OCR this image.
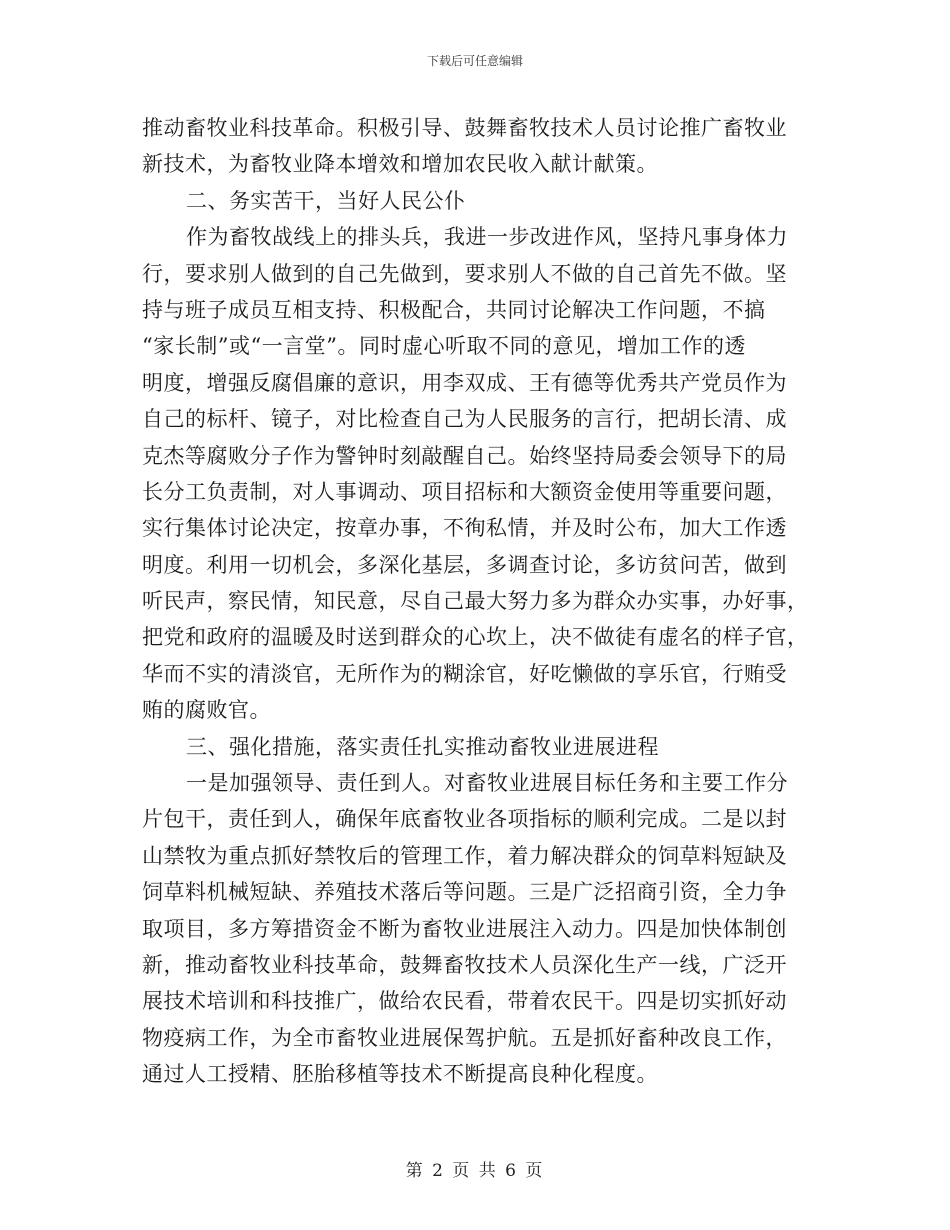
下载后可任意编辑
推动畜牧业科技革命。积极引导、鼓舞畜牧技术人员讨论推广畜牧业
新技术，为畜牧业降本增效和增加农民收入献计献策。
二、务实苦干，当好人民公仆
作为畜牧战线上的排头兵，我进一步改进作风，坚持凡事身体力
行，要求别人做到的自己先做到，要求别人不做的自己首先不做。坚
持与班子成员互相支持、积极配合，共同讨论解决工作问题，不搞
“家长制”或“一言堂”。同时虚心听取不同的意见，增加工作的透
明度，增强反腐倡廉的意识，用李双成、王有德等优秀共产党员作为
自己的标杆、镜子，对比检查自己为人民服务的言行，把胡长清、成
克杰等腐败分子作为警钟时刻敲醒自己。始终坚持局委会领导下的局
长分工负责制，对人事调动、项目招标和大额资金使用等重要问题，
实行集体讨论决定，按章办事，不徇私情，并及时公布，加大工作透
明度。利用一切机会，多深化基层，多调查讨论，多访贫问苦，做到
听民声，察民情，知民意，尽自己最大努力多为群众办实事，办好事，
把党和政府的温暖及时送到群众的心坎上，决不做徒有虚名的样子官，
华而不实的清淡官，无所作为的糊涂官，好吃懒做的享乐官，行贿受
贿的腐败官。
三、强化措施，落实责任扎实推动畜牧业进展进程
一是加强领导、责任到人。对畜牧业进展目标任务和主要工作分
片包干，责任到人，确保年底畜牧业各项指标的顺利完成。二是以封
山禁牧为重点抓好禁牧后的管理工作，着力解决群众的饲草料短缺及
饲草料机械短缺、养殖技术落后等问题。三是广泛招商引资，全力争
取项目，多方筹措资金不断为畜牧业进展注入动力。四是加快体制创
新，推动畜牧业科技革命，鼓舞畜牧技术人员深化生产一线，广泛开
展技术培训和科技推广，做给农民看，带着农民干。四是切实抓好动
物疫病工作，为全市畜牧业进展保驾护航。五是抓好畜种改良工作，
通过人工授精、胚胎移植等技术不断提高良种化程度。
第 2 页 共 6 页
